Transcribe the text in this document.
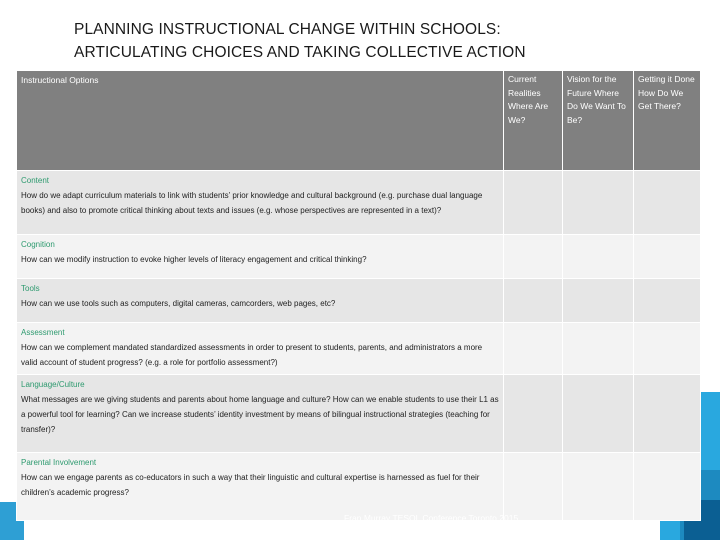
PLANNING INSTRUCTIONAL CHANGE WITHIN SCHOOLS:
ARTICULATING CHOICES AND TAKING COLLECTIVE ACTION
Instructional Options	Current Realities Where Are We?	Vision for the Future Where Do We Want To Be?	Getting it Done How Do We Get There?

Content
How do we adapt curriculum materials to link with students’ prior knowledge and cultural background (e.g. purchase dual language books) and also to promote critical thinking about texts and issues (e.g. whose perspectives are represented in a text)?			

Cognition
How can we modify instruction to evoke higher levels of literacy engagement and critical thinking?			

Tools
How can we use tools such as computers, digital cameras, camcorders, web pages, etc?			

Assessment
How can we complement mandated standardized assessments in order to present to students, parents, and administrators a more valid account of student progress? (e.g. a role for portfolio assessment?)			

Language/Culture
What messages are we giving students and parents about home language and culture? How can we enable students to use their L1 as a powerful tool for learning? Can we increase students’ identity investment by means of bilingual instructional strategies (teaching for transfer)?			

Parental Involvement
How can we engage parents as co-educators in such a way that their linguistic and cultural expertise is harnessed as fuel for their children’s academic progress?			

Fran Murray TESOL Conference Toronto 2015
